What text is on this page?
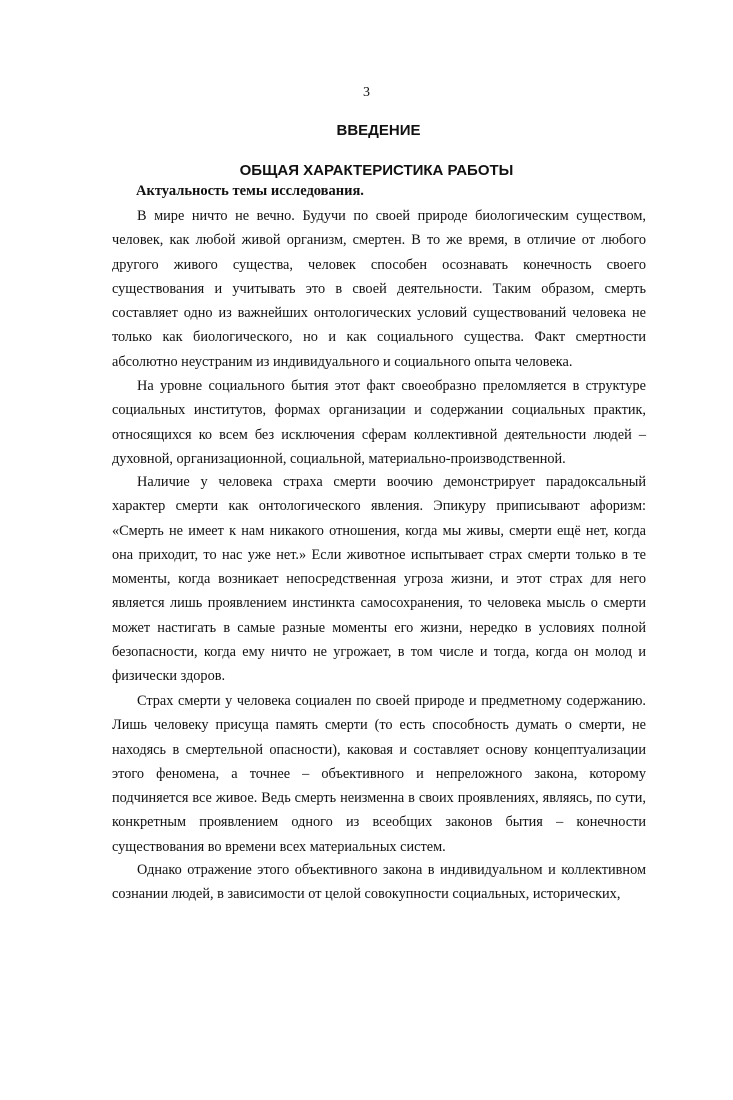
3
ВВЕДЕНИЕ
ОБЩАЯ ХАРАКТЕРИСТИКА РАБОТЫ
Актуальность темы исследования.

В мире ничто не вечно. Будучи по своей природе биологическим существом, человек, как любой живой организм, смертен. В то же время, в отличие от любого другого живого существа, человек способен осознавать конечность своего существования и учитывать это в своей деятельности. Таким образом, смерть составляет одно из важнейших онтологических условий существований человека не только как биологического, но и как социального существа. Факт смертности абсолютно неустраним из индивидуального и социального опыта человека.

На уровне социального бытия этот факт своеобразно преломляется в структуре социальных институтов, формах организации и содержании социальных практик, относящихся ко всем без исключения сферам коллективной деятельности людей – духовной, организационной, социальной, материально-производственной.

Наличие у человека страха смерти воочию демонстрирует парадоксальный характер смерти как онтологического явления. Эпикуру приписывают афоризм: «Смерть не имеет к нам никакого отношения, когда мы живы, смерти ещё нет, когда она приходит, то нас уже нет.» Если животное испытывает страх смерти только в те моменты, когда возникает непосредственная угроза жизни, и этот страх для него является лишь проявлением инстинкта самосохранения, то человека мысль о смерти может настигать в самые разные моменты его жизни, нередко в условиях полной безопасности, когда ему ничто не угрожает, в том числе и тогда, когда он молод и физически здоров.

Страх смерти у человека социален по своей природе и предметному содержанию. Лишь человеку присуща память смерти (то есть способность думать о смерти, не находясь в смертельной опасности), каковая и составляет основу концептуализации этого феномена, а точнее – объективного и непреложного закона, которому подчиняется все живое. Ведь смерть неизменна в своих проявлениях, являясь, по сути, конкретным проявлением одного из всеобщих законов бытия – конечности существования во времени всех материальных систем.

Однако отражение этого объективного закона в индивидуальном и коллективном сознании людей, в зависимости от целой совокупности социальных, исторических,
